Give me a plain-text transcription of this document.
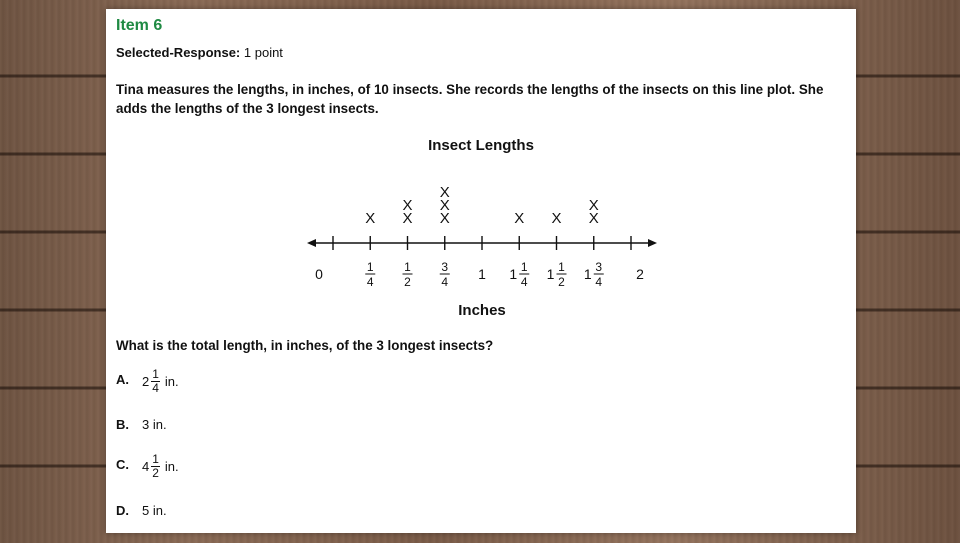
Item 6
Selected-Response: 1 point
Tina measures the lengths, in inches, of 10 insects. She records the lengths of the insects on this line plot. She adds the lengths of the 3 longest insects.
Insect Lengths
0	1
4
1
2
3
4 1 1 1
4 1 1
2 1 3
4 2
X X
X
X
X
X
X X X
X
Inches
What is the total length, in inches, of the 3 longest insects?
A. $2 \frac{1}{4}$ in.
B. 3 in.
C. $4 \frac{1}{2}$ in.
D. 5 in.
